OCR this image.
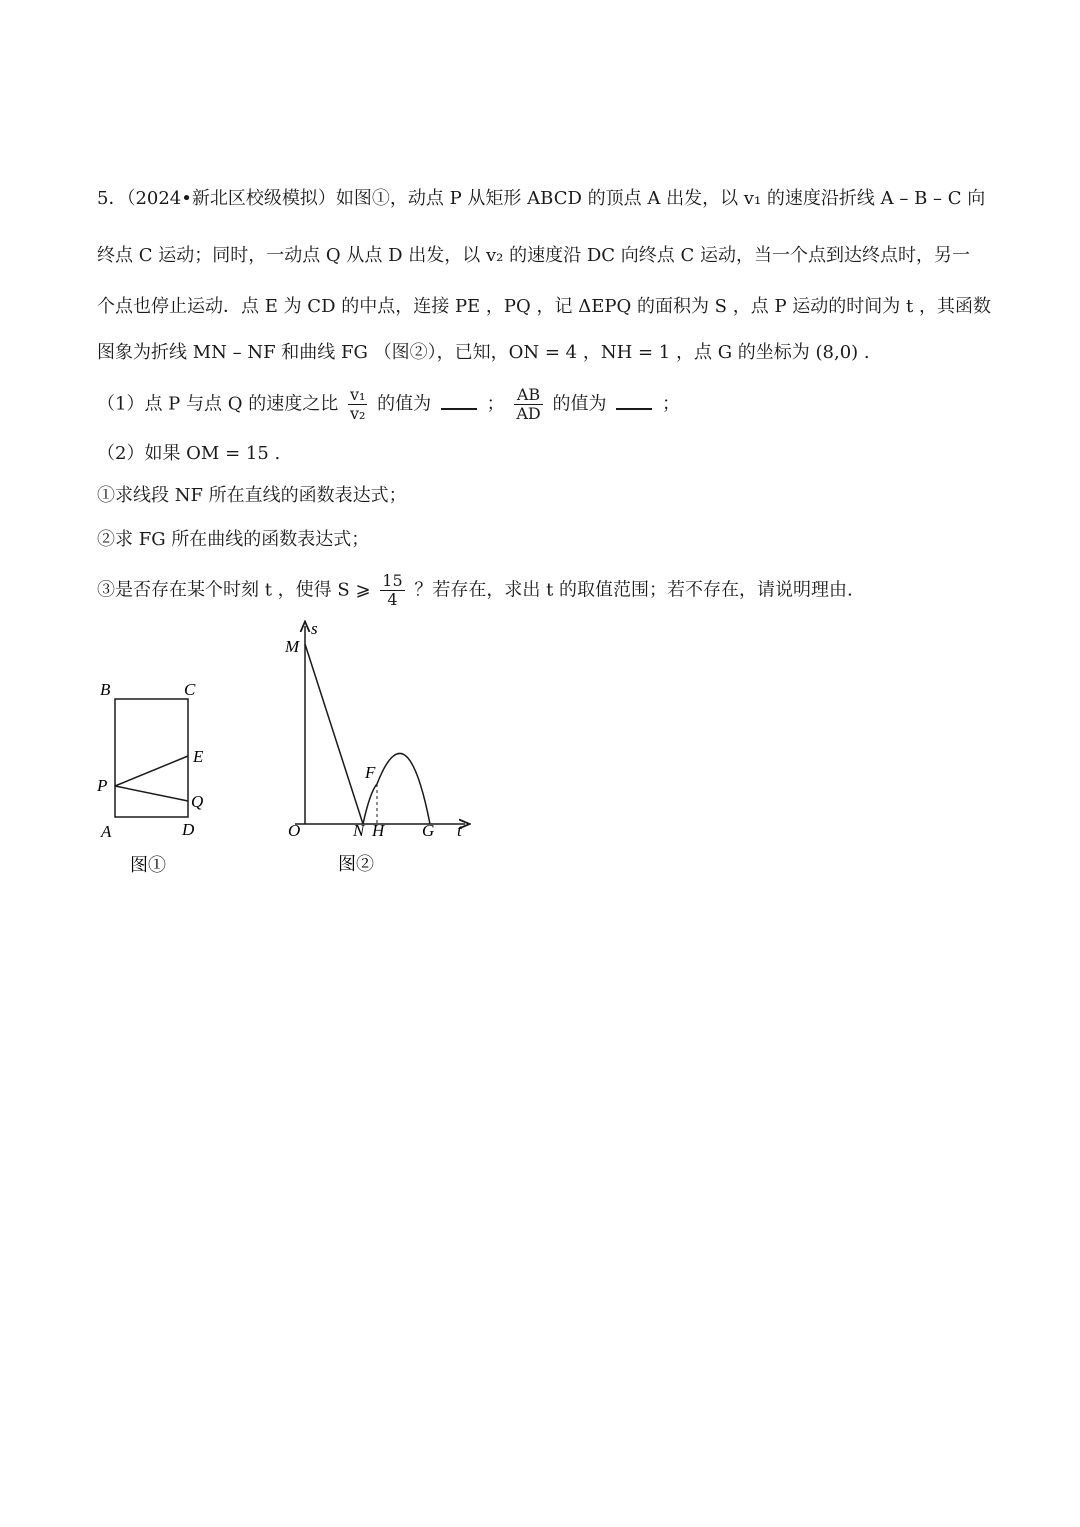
5．（2024•新北区校级模拟）如图①，动点 P 从矩形 ABCD 的顶点 A 出发，以 v₁ 的速度沿折线 A – B – C 向
终点 C 运动；同时，一动点 Q 从点 D 出发，以 v₂ 的速度沿 DC 向终点 C 运动，当一个点到达终点时，另一
个点也停止运动．点 E 为 CD 的中点，连接 PE ，PQ ，记 ΔEPQ 的面积为 S ，点 P 运动的时间为 t ，其函数
图象为折线 MN – NF 和曲线 FG （图②），已知，ON = 4 ，NH = 1 ，点 G 的坐标为 (8,0) .
（1）点 P 与点 Q 的速度之比 $\frac{\text{v₁}}{\text{v₂}}$ 的值为	； $\frac{AB}{AD}$ 的值为	；
（2）如果 OM = 15 .
①求线段 NF 所在直线的函数表达式；
②求 FG 所在曲线的函数表达式；
③是否存在某个时刻 t ，使得 S ⩾ $\frac{15}{4}$ ？若存在，求出 t 的取值范围；若不存在，请说明理由.
B	C
E
P
Q
A	D
图①
M
s
F
O	N H G t
图②
